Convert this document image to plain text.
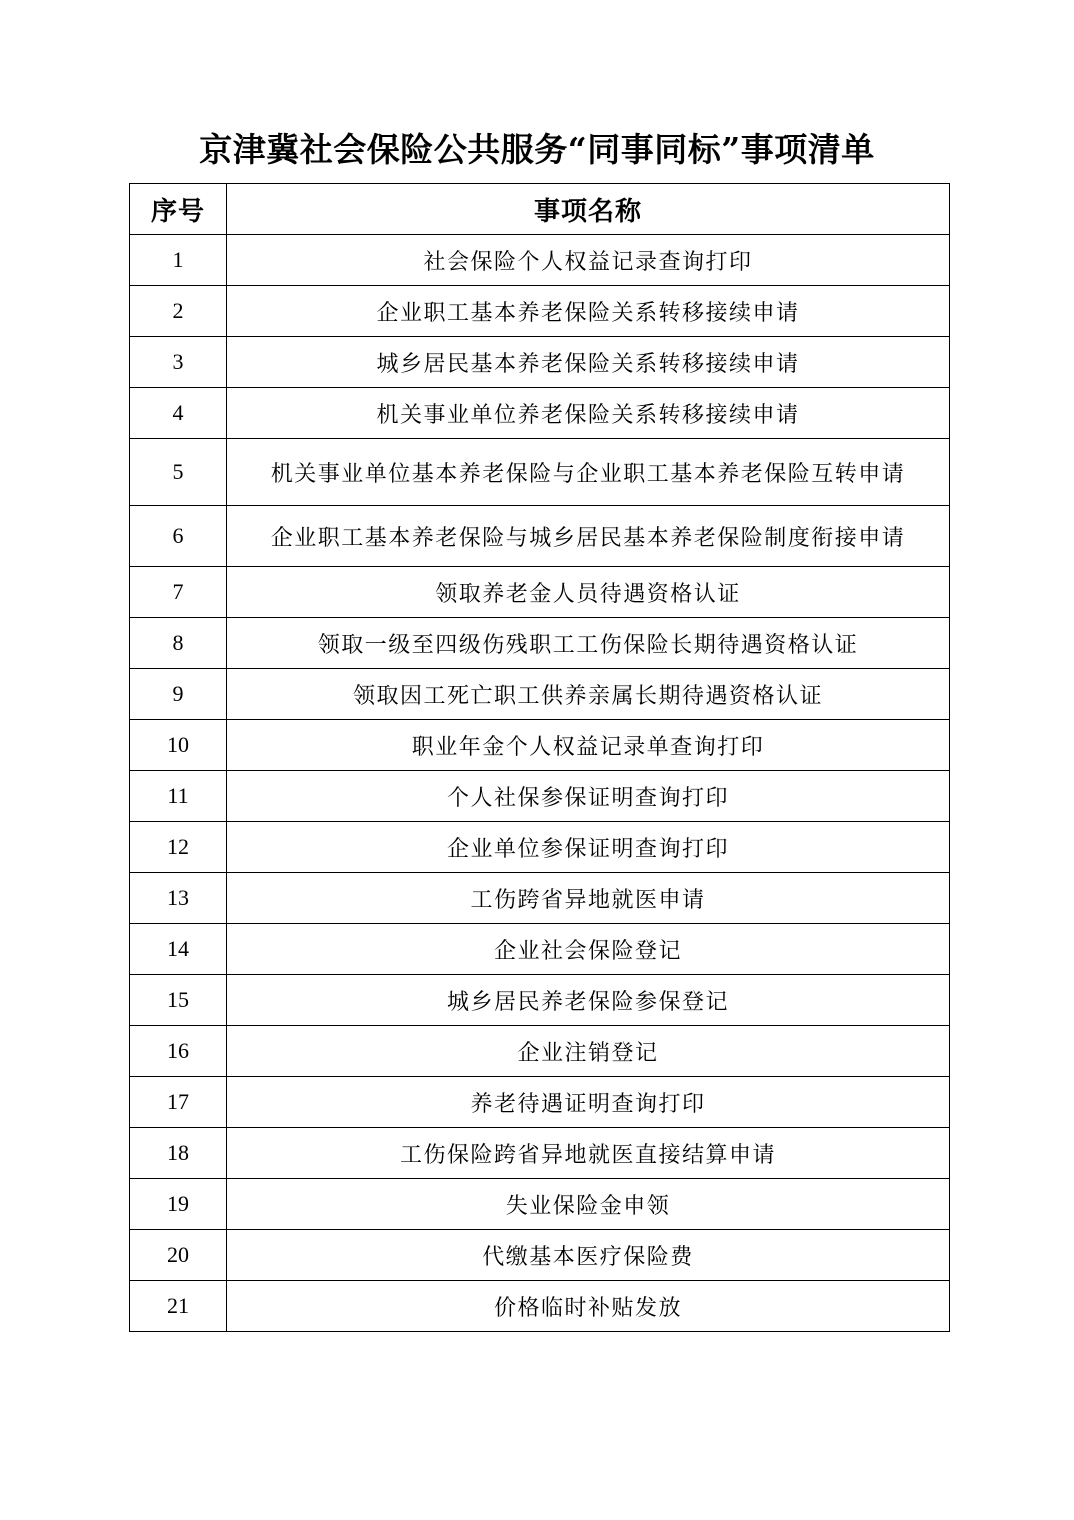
京津冀社会保险公共服务“同事同标”事项清单
序号	事项名称
1	社会保险个人权益记录查询打印
2	企业职工基本养老保险关系转移接续申请
3	城乡居民基本养老保险关系转移接续申请
4	机关事业单位养老保险关系转移接续申请
5	机关事业单位基本养老保险与企业职工基本养老保险互转申请
6	企业职工基本养老保险与城乡居民基本养老保险制度衔接申请
7	领取养老金人员待遇资格认证
8	领取一级至四级伤残职工工伤保险长期待遇资格认证
9	领取因工死亡职工供养亲属长期待遇资格认证
10	职业年金个人权益记录单查询打印
11	个人社保参保证明查询打印
12	企业单位参保证明查询打印
13	工伤跨省异地就医申请
14	企业社会保险登记
15	城乡居民养老保险参保登记
16	企业注销登记
17	养老待遇证明查询打印
18	工伤保险跨省异地就医直接结算申请
19	失业保险金申领
20	代缴基本医疗保险费
21	价格临时补贴发放
